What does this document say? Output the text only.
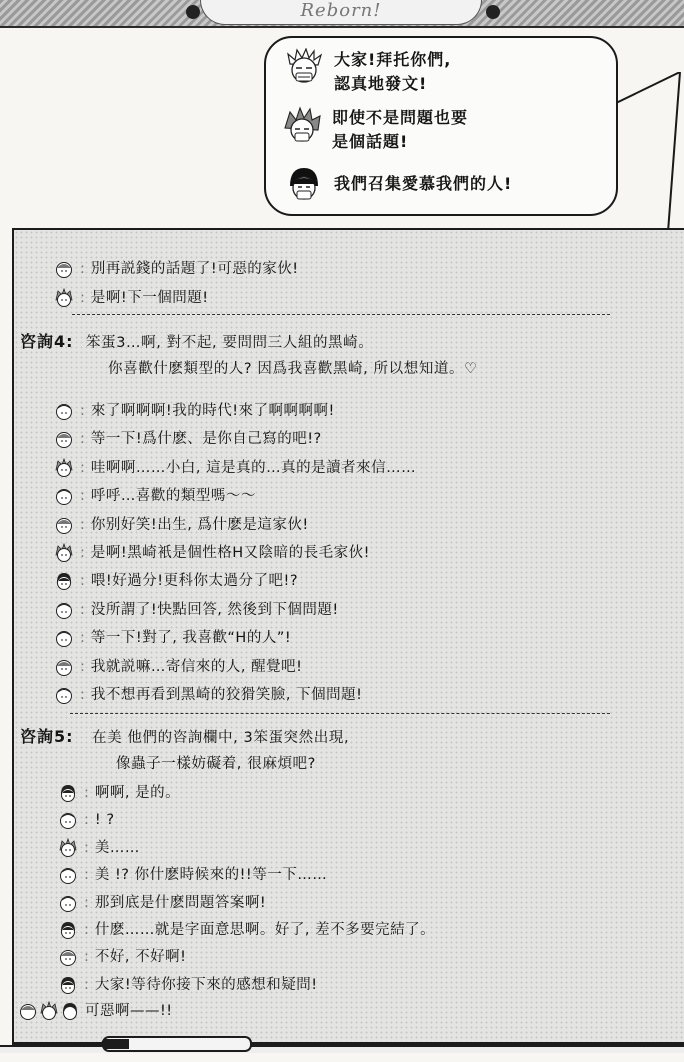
Reborn!
大家!拜托你們,
認真地發文!
即使不是問題也要
是個話題!
我們召集愛慕我們的人!
: 別再説錢的話題了!可惡的家伙!
: 是啊!下一個問題!
咨詢4: 笨蛋3…啊, 對不起, 要問問三人組的黑崎。
你喜歡什麽類型的人? 因爲我喜歡黑崎, 所以想知道。♡
: 來了啊啊啊!我的時代!來了啊啊啊啊!
: 等一下!爲什麽、是你自己寫的吧!?
: 哇啊啊……小白, 這是真的…真的是讀者來信……
: 呼呼…喜歡的類型嗎～～
: 你别好笑!出生, 爲什麽是這家伙!
: 是啊!黑崎衹是個性格H又陰暗的長毛家伙!
: 喂!好過分!更科你太過分了吧!?
: 没所謂了!快點回答, 然後到下個問題!
: 等一下!對了, 我喜歡“H的人”!
: 我就説嘛…寄信來的人, 醒覺吧!
: 我不想再看到黑崎的狡猾笑臉, 下個問題!
咨詢5: 在美 他們的咨詢欄中, 3笨蛋突然出現,
像蟲子一樣妨礙着, 很麻煩吧?
: 啊啊, 是的。
: ! ?
: 美……
: 美 !? 你什麽時候來的!!等一下……
: 那到底是什麽問題答案啊!
: 什麽……就是字面意思啊。好了, 差不多要完結了。
: 不好, 不好啊!
: 大家!等待你接下來的感想和疑問!
可惡啊——!!
